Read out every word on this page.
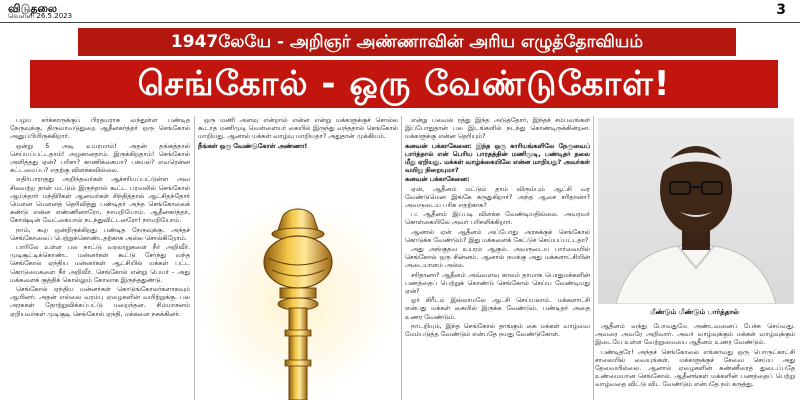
விடுதலை
வெள்ளி 26.5.2023	3
1947லேயே - அறிஞர் அண்ணாவின் அரிய எழுத்தோவியம்
செங்கோல் - ஒரு வேண்டுகோள்!

பழய சர்க்காருக்குப் பிரதமராக வந்துள்ள பண்டித நேருவுக்கு, திருவாவடுதுறை ஆதீனகர்த்தர் ஒரு செங்கோல் அனுப்பியிருக்கிறார்.

ஒன்று 5 அடி உயரமாம்! அதன் தங்கத்தால் செய்யப்பட்டதாம்! அழகானதாம். இருக்கிறதாம்! செங்கோல் அளித்தது ஏன்? பரிசா? காணிக்கையா? பசுயல்? எவரென்ன கட்டமைப்ப? எதற்கு விளக்கவில்லை.

எதிர்பாராதது அறிந்தவர்கள் ஆச்சரியப்பட்டுள்ள அவ சிலவற்ற தான் மட்டும் இருந்தால் கூட்ட பரவலில் செங்கோல் ஆய்ந்தார் மந்திரிகள் ஆனவர்கள் சிந்தித்தால் ஆட்சிதந்தோர் மௌன மௌனத் தெரிவித்து பண்டிதர் அந்த செங்கோலைக் கண்டு என்ன எண்ணினாரோ, நாமறியோம். ஆதீனகர்த்தர், கோஷ்டின் வேட்கையால் நடந்துவிட்டனரோ! நாமறியோம்.

நாம், கூற ஒன்றிருக்கிறது பண்டித நேருவுக்கு. அந்தச் செங்கோலைப் பெற்றுக்கொண்டதற்காக அல்ல சொல்கிறோம்.

பாரிலே உள்ள பல நாட்டு வரலாறுகளை நீர் அறிவீர். முடிசூட்டிக்கொண்ட மன்னர்கள் கூட்டு சேர்ந்து வந்த செங்கோல் ஏந்திய மன்னர்கள் ஆட்சியில் மக்கள் பட்ட கொடுமைகளை நீர் அறிவீர். செங்கோல் என்று பெயர் - அது மக்களைக் குத்திக் கொல்லும் கோலாக இருந்ததுண்டு.

செங்கோல் ஏந்திய மன்னர்கள் கொடுங்கோலர்களாகவும் ஆயினர். அதன் எல்லை வரம்பு ஏழைகளின் வயிற்றுக்கு. பல அரசுகள் தோற்றுவிக்கப்பட்டு மறைந்தன. சிம்மாசனம் ஏறியவர்கள் முடிசூடி செங்கோல் ஏந்தி, மக்களை நசுக்கினர்.

ஒரு மணி அளவு என்றால் என்ன என்று மக்களுக்குச் சொல்ல கூடாத மணிமுடி வெள்ளையர் கையில் இருந்து வந்ததால் செங்கோல் மாறியது. ஆனால் மக்கள் வாழ்வு மாறியதா? அதுதான் முக்கியம்.

நீங்கள் ஒரு வேண்டுகோள் அண்ணா!

என்று பலவல் ரத்து இந்த அடுத்தோர், இந்தச் சம்பவங்கள் இப்போதுதான் பல இடங்களில் நடந்து கொண்டிருக்கின்றன. மக்களுக்கு என்ன தெரியும்?

கனவன் பக்காகேனை: இந்த ஒரு காரியங்களிலே நேருவைப் பார்த்தால் என் பெரிய பாரதத்தின் மணிமுடி, பண்டிதர் தலை மீது ஏறியது. மக்கள் வாழ்க்கையிலே என்ன மாறியது? அவர்கள் வயிறு நிறையுமா?

கனவன் பக்காகேனை:

ஏன், ஆதீனம் மட்டும் தாம் விரும்பும் ஆட்சி வர வேண்டுமென இங்கே கருதுகிறார்? அந்த ஆசை சரிதானா? அவருடைய பரிசு எதற்காக?

ப: ஆதீனம் இப்படி விளக்க வேண்டியதில்லை. அவரவர் கொள்கையிலே அவர் பரிசளிக்கிறார்.

ஆனால் ஏன் ஆதீனம் அப்போது அரசுக்குச் செங்கோல் கொடுக்க வேண்டும்? இது மக்களைக் கேட்டுச் செய்யப்பட்டதா?

அது அங்குதவ உயரம் ஆகும். அவருடைய பார்வையில் செங்கோல் ஒரு சின்னம். ஆனால் நமக்கு அது மக்களாட்சியின் அடையாளம் அல்ல.

சரிதானா? ஆதீனம் அவ்வளவு காலம் தாமாக பொதுமக்களின் பணத்தைப் பெற்றுக் கொண்டு செங்கோல் செய்ய வேண்டியது ஏன்?

ஓர் கிரீடம் இல்லாமலே ஆட்சி செய்யலாம். மக்களாட்சி என்பது மக்கள் கையில் இருக்க வேண்டும். பண்டிதர் அதை உணர வேண்டும்.

நாடறியும், இந்த செங்கோல் தாங்கும் கை மக்கள் வாழ்வை மேம்படுத்த வேண்டும் என்பதே நமது வேண்டுகோள்.

மீண்டும் மீண்டும் பார்த்தால்

ஆதீனம் வந்து போவதுமே அண்டவனைப் பேச்சு செய்வது. அவரை அவரே அறிவார். அவர் வாழ்வுக்கும் மக்கள் வாழ்வுக்கும் இடையே உள்ள வேற்றுமையை ஆதீனம் உணர வேண்டும்.

பண்டிதரே! அந்தச் செங்கோலை எங்காவது ஒரு பொருட்காட்சி சாலையில் வையுங்கள். மக்களுக்குச் சேவை செய்ய அது தேவையில்லை. ஆனால் ஏழைகளின் கண்ணீரைத் துடைப்பதே உண்மையான செங்கோல். ஆதீனங்கள் மக்களின் பணத்தைப் பெற்று வாழ்வதை விட்டு விட வேண்டும் என்பதே நம் கருத்து.
